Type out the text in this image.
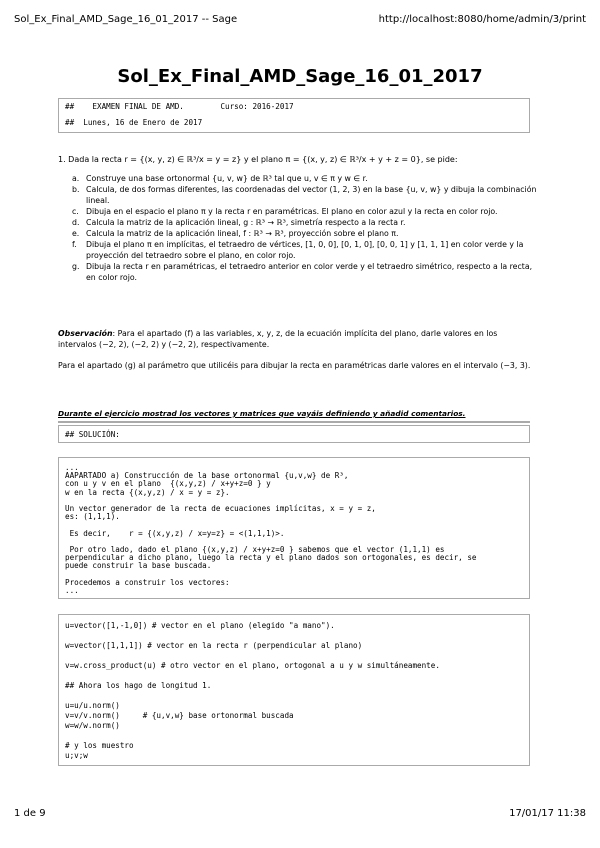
Sol_Ex_Final_AMD_Sage_16_01_2017 -- Sage	http://localhost:8080/home/admin/3/print
Sol_Ex_Final_AMD_Sage_16_01_2017
##    EXAMEN FINAL DE AMD.        Curso: 2016-2017
##  Lunes, 16 de Enero de 2017
1. Dada la recta r = {(x, y, z) ∈ ℝ³/x = y = z} y el plano π = {(x, y, z) ∈ ℝ³/x + y + z = 0}, se pide:
a. Construye una base ortonormal {u, v, w} de ℝ³ tal que u, v ∈ π y w ∈ r.
b. Calcula, de dos formas diferentes, las coordenadas del vector (1, 2, 3) en la base {u, v, w} y dibuja la combinación lineal.
c. Dibuja en el espacio el plano π y la recta r en paramétricas. El plano en color azul y la recta en color rojo.
d. Calcula la matriz de la aplicación lineal, g : ℝ³ → ℝ³, simetría respecto a la recta r.
e. Calcula la matriz de la aplicación lineal, f : ℝ³ → ℝ³, proyección sobre el plano π.
f. Dibuja el plano π en implícitas, el tetraedro de vértices, [1, 0, 0], [0, 1, 0], [0, 0, 1] y [1, 1, 1] en color verde y la proyección del tetraedro sobre el plano, en color rojo.
g. Dibuja la recta r en paramétricas, el tetraedro anterior en color verde y el tetraedro simétrico, respecto a la recta, en color rojo.
Observación: Para el apartado (f) a las variables, x, y, z, de la ecuación implícita del plano, darle valores en los intervalos (−2, 2), (−2, 2) y (−2, 2), respectivamente.
Para el apartado (g) al parámetro que utilicéis para dibujar la recta en paramétricas darle valores en el intervalo (−3, 3).
Durante el ejercicio mostrad los vectores y matrices que vayáis definiendo y añadid comentarios.
## SOLUCIÓN:
...
AAPARTADO a) Construcción de la base ortonormal {u,v,w} de R³,
con u y v en el plano  {(x,y,z) / x+y+z=0 } y
w en la recta {(x,y,z) / x = y = z}.
Un vector generador de la recta de ecuaciones implícitas, x = y = z,
es: (1,1,1).
Es decir,    r = {(x,y,z) / x=y=z} = <(1,1,1)>.
Por otro lado, dado el plano {(x,y,z) / x+y+z=0 } sabemos que el vector (1,1,1) es
perpendicular a dicho plano, luego la recta y el plano dados son ortogonales, es decir, se
puede construir la base buscada.
Procedemos a construir los vectores:
...
u=vector([1,-1,0]) # vector en el plano (elegido "a mano").
w=vector([1,1,1]) # vector en la recta r (perpendicular al plano)
v=w.cross_product(u) # otro vector en el plano, ortogonal a u y w simultáneamente.
## Ahora los hago de longitud 1.
u=u/u.norm()
v=v/v.norm()     # {u,v,w} base ortonormal buscada
w=w/w.norm()
# y los muestro
u;v;w
1 de 9	17/01/17 11:38
